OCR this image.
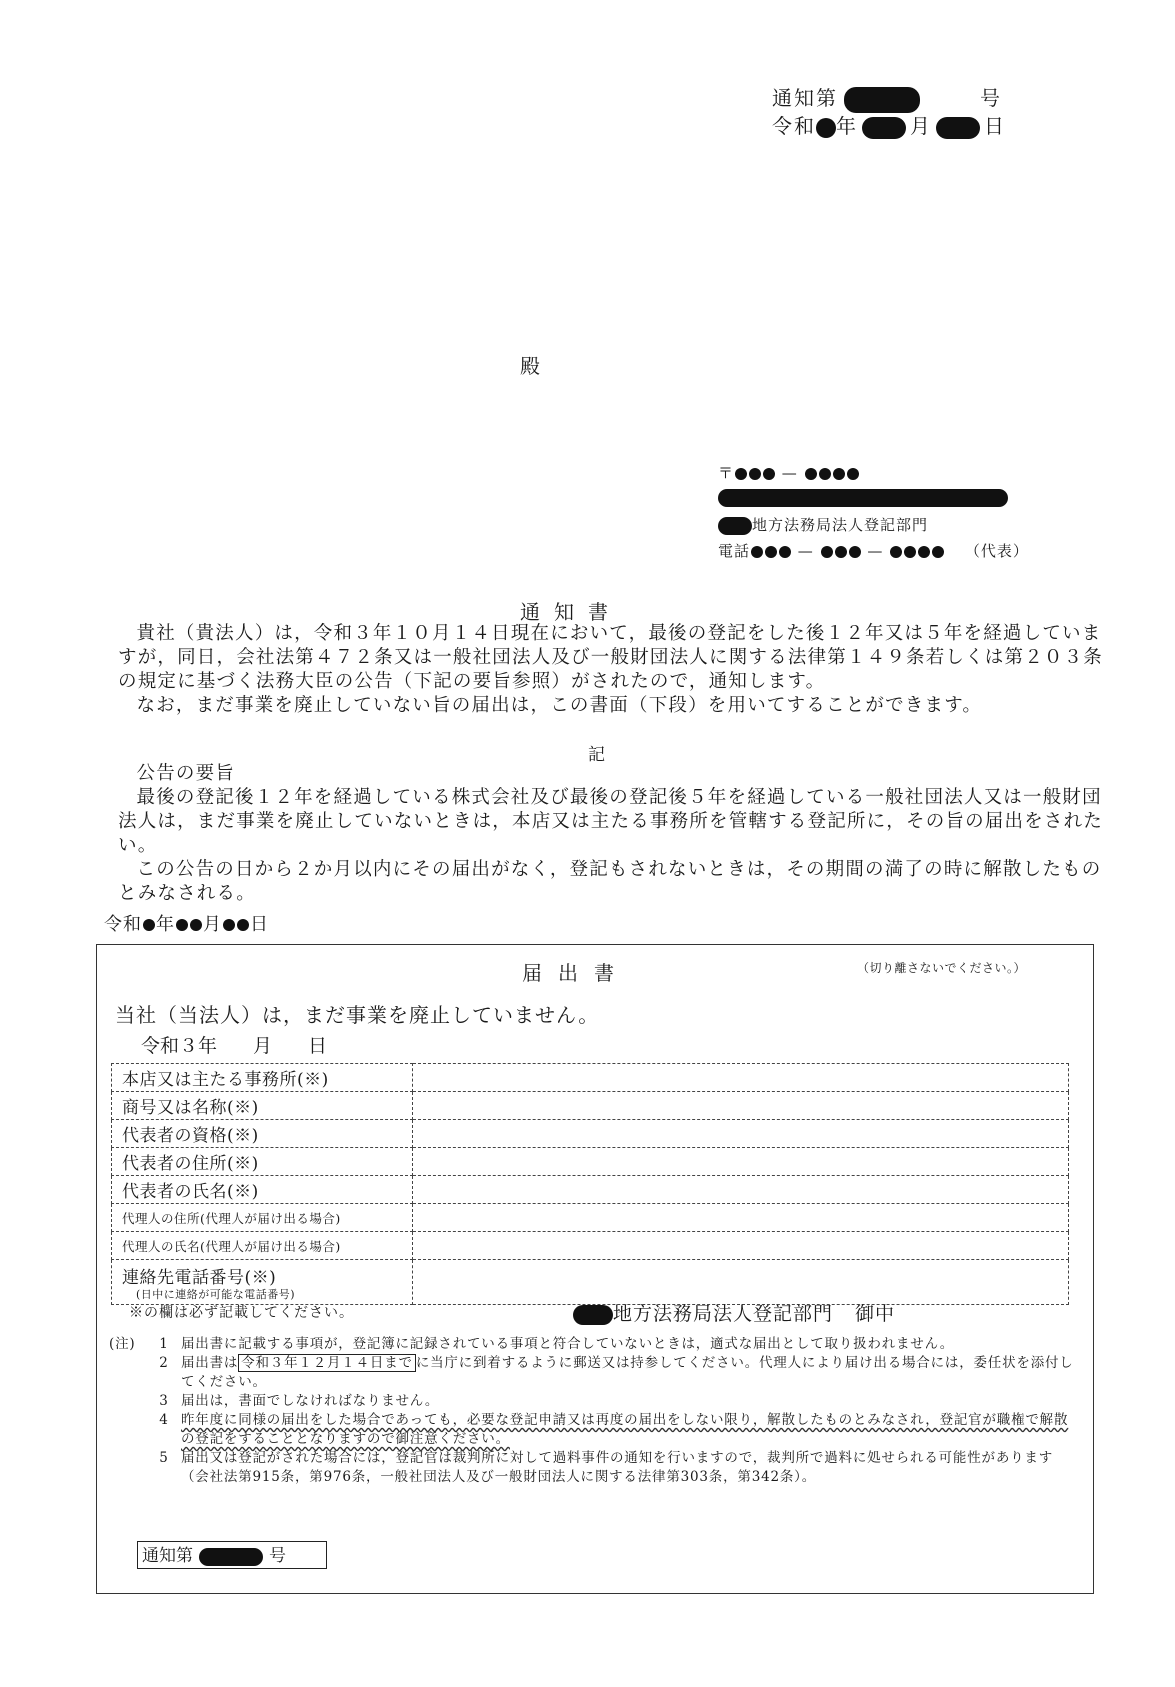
通知第	号
令和 年	月	日
殿
〒	—
地方法務局法人登記部門
電話	—	—	（代表）
通知書

貴社（貴法人）は，令和３年１０月１４日現在において，最後の登記をした後１２年又は５年を経過していますが，同日，会社法第４７２条又は一般社団法人及び一般財団法人に関する法律第１４９条若しくは第２０３条の規定に基づく法務大臣の公告（下記の要旨参照）がされたので，通知します。

なお，まだ事業を廃止していない旨の届出は，この書面（下段）を用いてすることができます。

記

公告の要旨

最後の登記後１２年を経過している株式会社及び最後の登記後５年を経過している一般社団法人又は一般財団法人は，まだ事業を廃止していないときは，本店又は主たる事務所を管轄する登記所に，その旨の届出をされたい。

この公告の日から２か月以内にその届出がなく，登記もされないときは，その期間の満了の時に解散したものとみなされる。

令和 年 月 日
届出書	（切り離さないでください。）
当社（当法人）は，まだ事業を廃止していません。
令和３年 月 日
本店又は主たる事務所(※)	
商号又は名称(※)	
代表者の資格(※)	
代表者の住所(※)	
代表者の氏名(※)	
代理人の住所(代理人が届け出る場合)	
代理人の氏名(代理人が届け出る場合)	
連絡先電話番号(※)
(日中に連絡が可能な電話番号)	

※の欄は必ず記載してください。	地方法務局法人登記部門 御中
(注)	1 届出書に記載する事項が，登記簿に記録されている事項と符合していないときは，適式な届出として取り扱われません。
2 届出書は 令和３年１２月１４日まで に当庁に到着するように郵送又は持参してください。代理人により届け出る場合には，委任状を添付してください。
3 届出は，書面でしなければなりません。
4 昨年度に同様の届出をした場合であっても，必要な登記申請又は再度の届出をしない限り，解散したものとみなされ，登記官が職権で解散の登記をすることとなりますので御注意ください。
5 届出又は登記がされた場合には，登記官は裁判所に対して過料事件の通知を行いますので，裁判所で過料に処せられる可能性があります（会社法第915条，第976条，一般社団法人及び一般財団法人に関する法律第303条，第342条）。
通知第	号
